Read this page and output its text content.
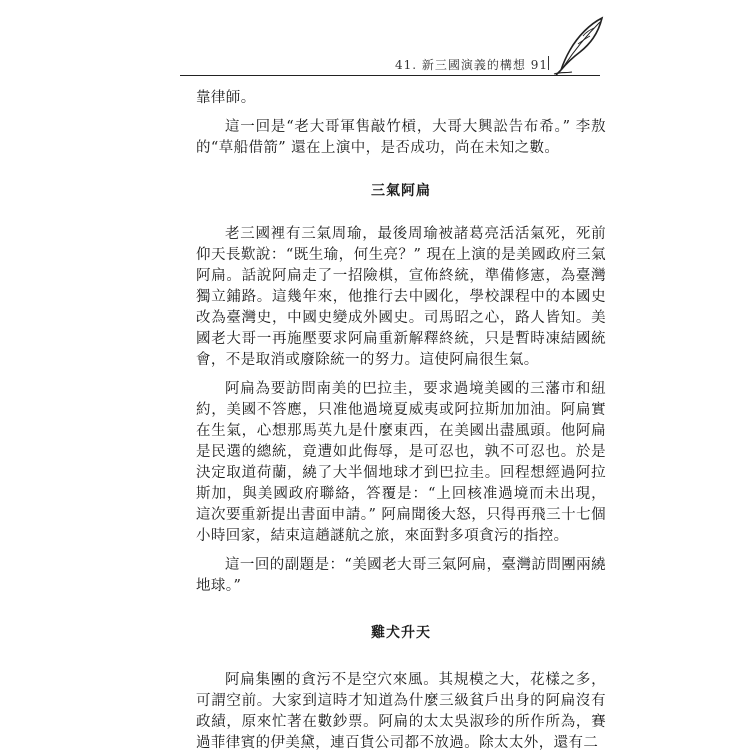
41. 新三國演義的構想 91

靠律師。

這一回是“老大哥軍售敲竹槓，大哥大興訟告布希。” 李敖的“草船借箭” 還在上演中，是否成功，尚在未知之數。

三氣阿扁

老三國裡有三氣周瑜，最後周瑜被諸葛亮活活氣死，死前仰天長歎說：“既生瑜，何生亮？” 現在上演的是美國政府三氣阿扁。話說阿扁走了一招險棋，宣佈終統，準備修憲，為臺灣獨立鋪路。這幾年來，他推行去中國化，學校課程中的本國史改為臺灣史，中國史變成外國史。司馬昭之心，路人皆知。美國老大哥一再施壓要求阿扁重新解釋終統，只是暫時凍結國統會，不是取消或廢除統一的努力。這使阿扁很生氣。

阿扁為要訪問南美的巴拉圭，要求過境美國的三藩市和紐約，美國不答應，只准他過境夏威夷或阿拉斯加加油。阿扁實在生氣，心想那馬英九是什麼東西，在美國出盡風頭。他阿扁是民選的總統，竟遭如此侮辱，是可忍也，孰不可忍也。於是決定取道荷蘭，繞了大半個地球才到巴拉圭。回程想經過阿拉斯加，與美國政府聯絡，答覆是：“上回核准過境而未出現，這次要重新提出書面申請。” 阿扁聞後大怒，只得再飛三十七個小時回家，結束這趟謎航之旅，來面對多項貪污的指控。

這一回的副題是：“美國老大哥三氣阿扁，臺灣訪問團兩繞地球。”

雞犬升天

阿扁集團的貪污不是空穴來風。其規模之大，花樣之多，可謂空前。大家到這時才知道為什麼三級貧戶出身的阿扁沒有政績，原來忙著在數鈔票。阿扁的太太吳淑珍的所作所為，賽過菲律賓的伊美黛，連百貨公司都不放過。除太太外，還有二
